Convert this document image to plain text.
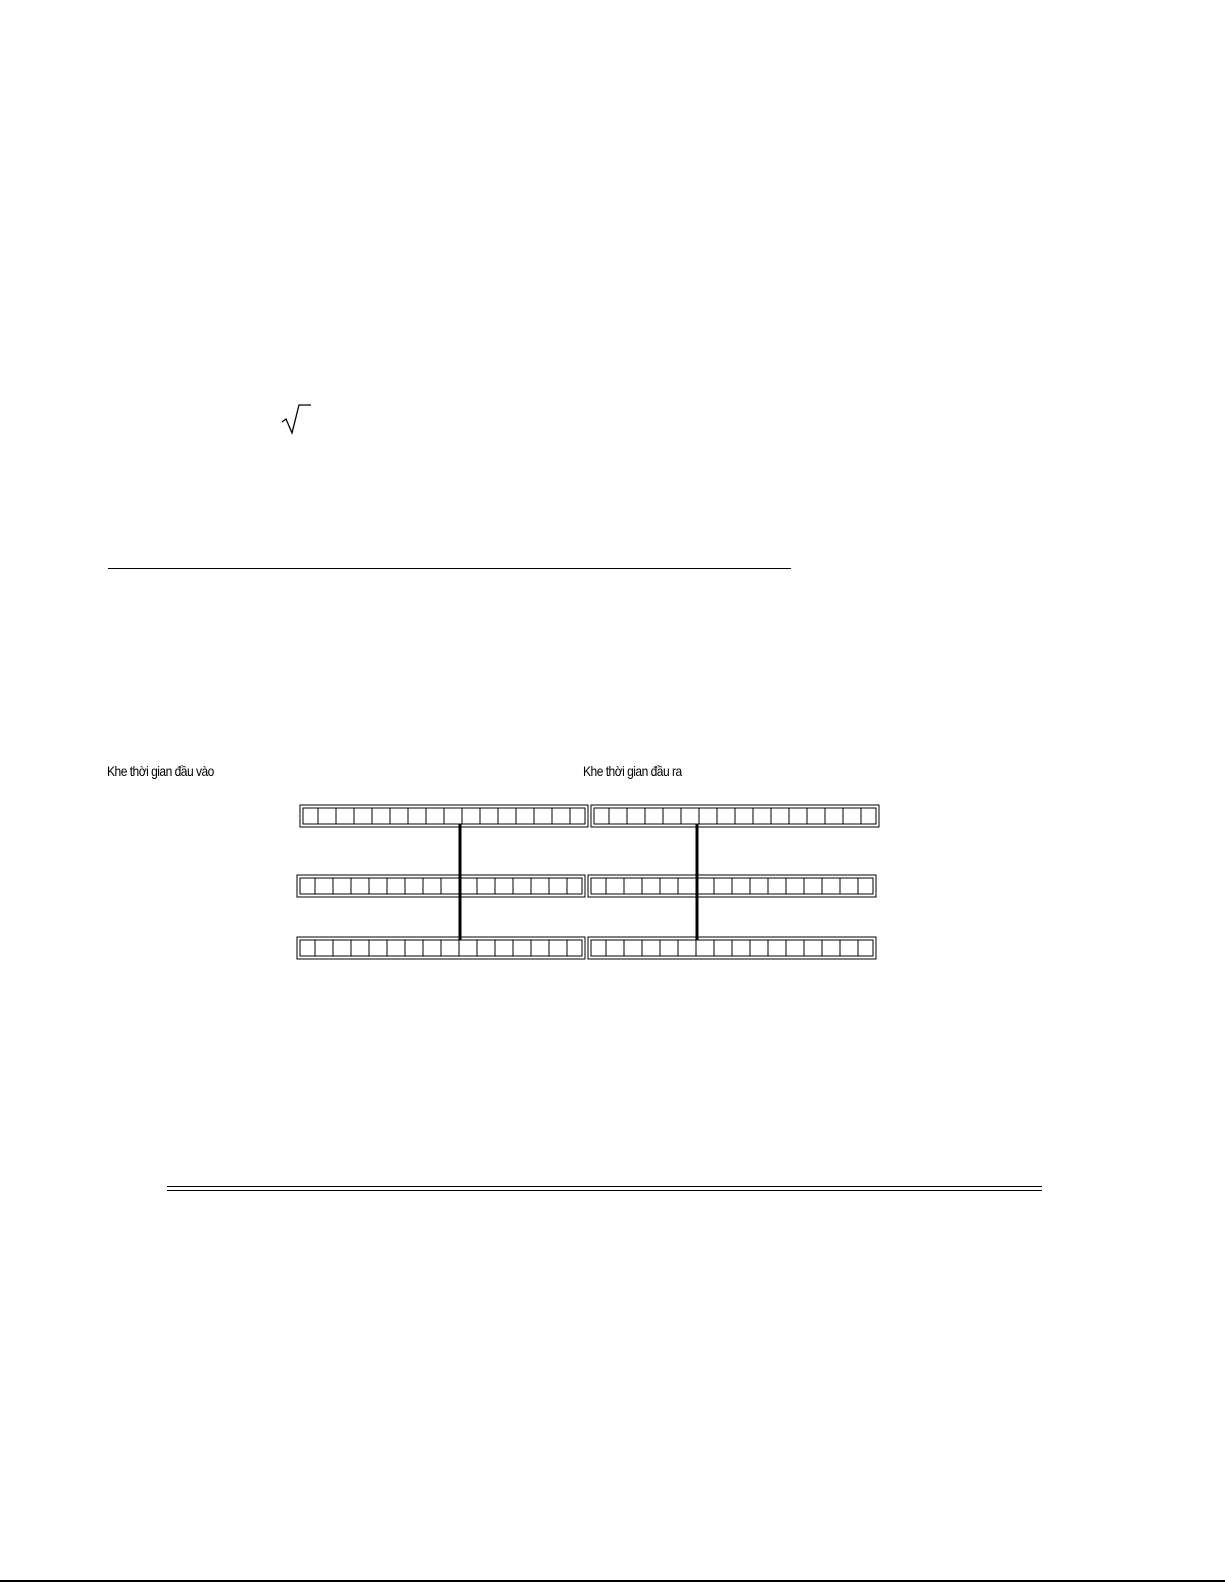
Khe thời gian đầu vào	Khe thời gian đầu ra
